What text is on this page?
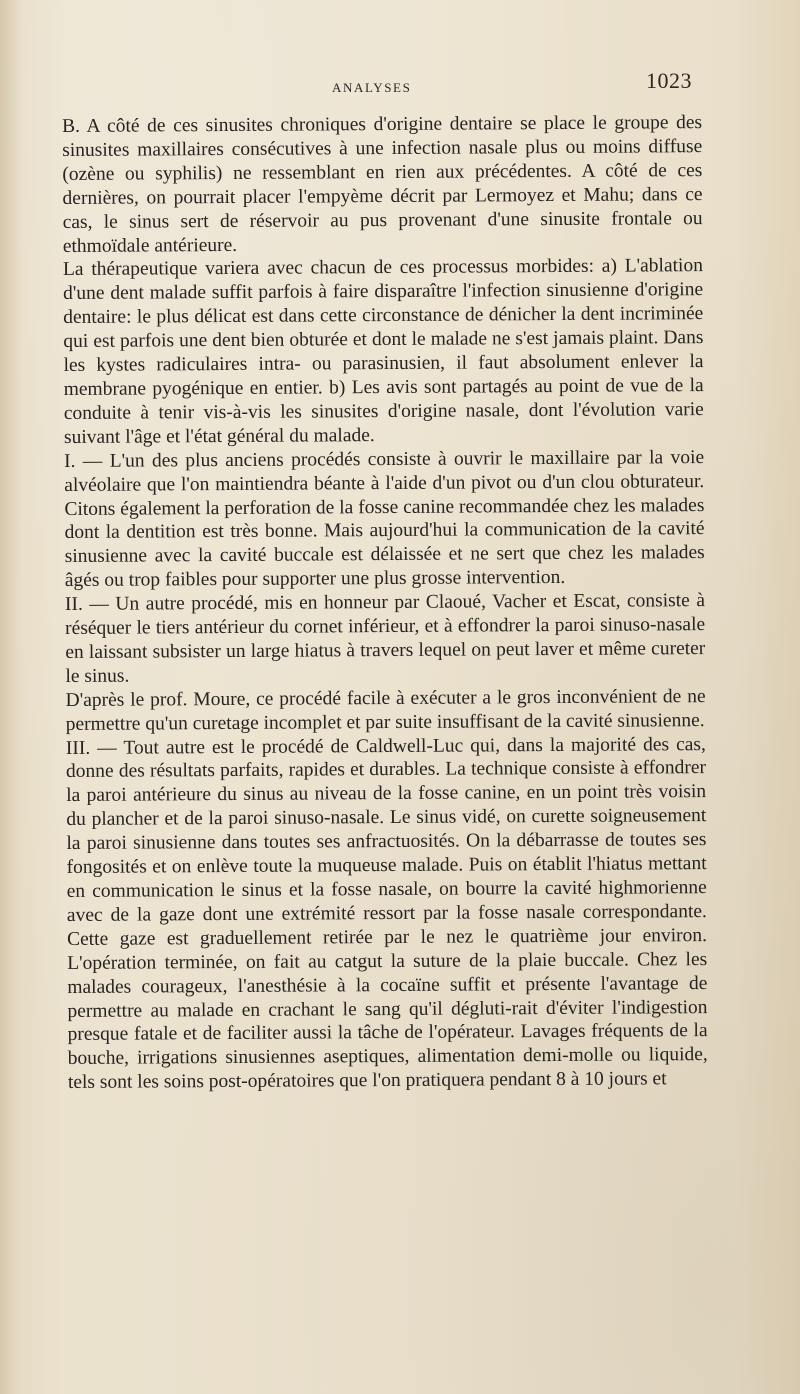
ANALYSES	1023

B. A côté de ces sinusites chroniques d'origine dentaire se place le groupe des sinusites maxillaires consécutives à une infection nasale plus ou moins diffuse (ozène ou syphilis) ne ressemblant en rien aux précédentes. A côté de ces dernières, on pourrait placer l'empyème décrit par Lermoyez et Mahu; dans ce cas, le sinus sert de réservoir au pus provenant d'une sinusite frontale ou ethmoïdale antérieure.

La thérapeutique variera avec chacun de ces processus morbides: a) L'ablation d'une dent malade suffit parfois à faire disparaître l'infection sinusienne d'origine dentaire: le plus délicat est dans cette circonstance de dénicher la dent incriminée qui est parfois une dent bien obturée et dont le malade ne s'est jamais plaint. Dans les kystes radiculaires intra- ou parasinusien, il faut absolument enlever la membrane pyogénique en entier. b) Les avis sont partagés au point de vue de la conduite à tenir vis-à-vis les sinusites d'origine nasale, dont l'évolution varie suivant l'âge et l'état général du malade.

I. — L'un des plus anciens procédés consiste à ouvrir le maxillaire par la voie alvéolaire que l'on maintiendra béante à l'aide d'un pivot ou d'un clou obturateur. Citons également la perforation de la fosse canine recommandée chez les malades dont la dentition est très bonne. Mais aujourd'hui la communication de la cavité sinusienne avec la cavité buccale est délaissée et ne sert que chez les malades âgés ou trop faibles pour supporter une plus grosse intervention.

II. — Un autre procédé, mis en honneur par Claoué, Vacher et Escat, consiste à réséquer le tiers antérieur du cornet inférieur, et à effondrer la paroi sinuso-nasale en laissant subsister un large hiatus à travers lequel on peut laver et même cureter le sinus.

D'après le prof. Moure, ce procédé facile à exécuter a le gros inconvénient de ne permettre qu'un curetage incomplet et par suite insuffisant de la cavité sinusienne.

III. — Tout autre est le procédé de Caldwell-Luc qui, dans la majorité des cas, donne des résultats parfaits, rapides et durables. La technique consiste à effondrer la paroi antérieure du sinus au niveau de la fosse canine, en un point très voisin du plancher et de la paroi sinuso-nasale. Le sinus vidé, on curette soigneusement la paroi sinusienne dans toutes ses anfractuosités. On la débarrasse de toutes ses fongosités et on enlève toute la muqueuse malade. Puis on établit l'hiatus mettant en communication le sinus et la fosse nasale, on bourre la cavité highmorienne avec de la gaze dont une extrémité ressort par la fosse nasale correspondante. Cette gaze est graduellement retirée par le nez le quatrième jour environ. L'opération terminée, on fait au catgut la suture de la plaie buccale. Chez les malades courageux, l'anesthésie à la cocaïne suffit et présente l'avantage de permettre au malade en crachant le sang qu'il dégluti-rait d'éviter l'indigestion presque fatale et de faciliter aussi la tâche de l'opérateur. Lavages fréquents de la bouche, irrigations sinusiennes aseptiques, alimentation demi-molle ou liquide, tels sont les soins post-opératoires que l'on pratiquera pendant 8 à 10 jours et
